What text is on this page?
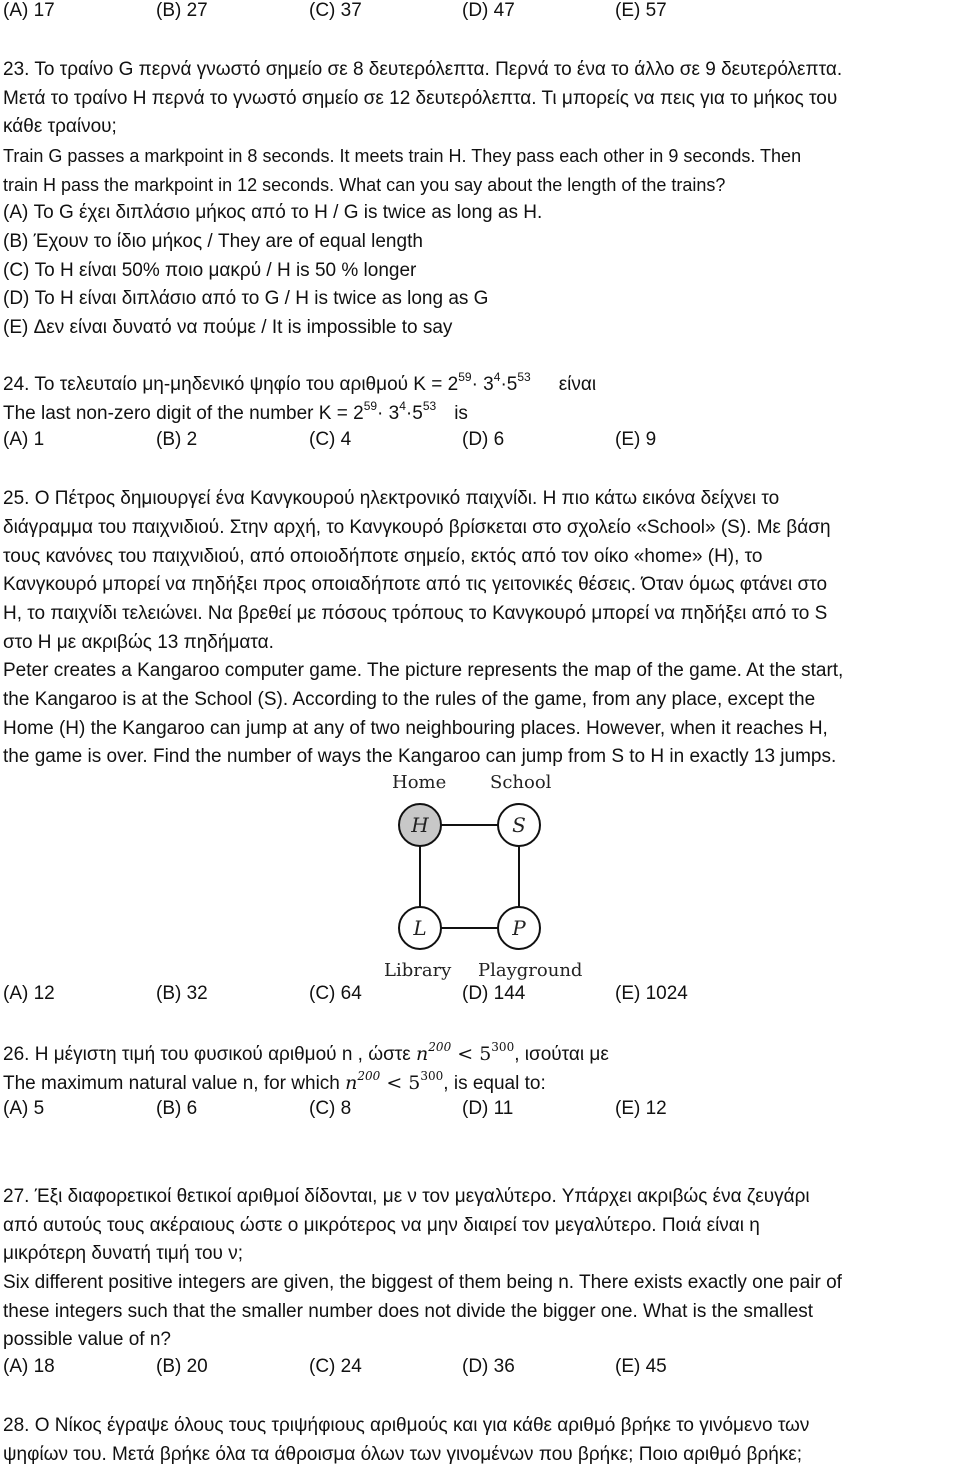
(A) 17	(B) 27	(C) 37	(D) 47	(E) 57
23. Το τραίνο G περνά γνωστό σημείο σε 8 δευτερόλεπτα. Περνά το ένα το άλλο σε 9 δευτερόλεπτα.
Μετά το τραίνο Η περνά το γνωστό σημείο σε 12 δευτερόλεπτα. Τι μπορείς να πεις για το μήκος του
κάθε τραίνου;
Train G passes a markpoint in 8 seconds. It meets train H. They pass each other in 9 seconds. Then
train H pass the markpoint in 12 seconds. What can you say about the length of the trains?
(A) Το G έχει διπλάσιο μήκος από το H / G is twice as long as H.
(B) Έχουν το ίδιο μήκος / They are of equal length
(C) Το H είναι 50% ποιο μακρύ / H is 50 % longer
(D) Το H είναι διπλάσιο από το G / H is twice as long as G
(E) Δεν είναι δυνατό να πούμε / It is impossible to say
24. Το τελευταίο μη-μηδενικό ψηφίο του αριθμού $K = 2^{59}\cdot 3^4\cdot 5^{53}$ είναι
The last non-zero digit of the number $K = 2^{59}\cdot 3^4\cdot 5^{53}$ is
(A) 1	(B) 2	(C) 4	(D) 6	(E) 9
25. Ο Πέτρος δημιουργεί ένα Κανγκουρού ηλεκτρονικό παιχνίδι. Η πιο κάτω εικόνα δείχνει το
διάγραμμα του παιχνιδιού. Στην αρχή, το Κανγκουρό βρίσκεται στο σχολείο «School» (S). Με βάση
τους κανόνες του παιχνιδιού, από οποιοδήποτε σημείο, εκτός από τον οίκο «home» (H), το
Κανγκουρό μπορεί να πηδήξει προς οποιαδήποτε από τις γειτονικές θέσεις. Όταν όμως φτάνει στο
H, το παιχνίδι τελειώνει. Να βρεθεί με πόσους τρόπους το Κανγκουρό μπορεί να πηδήξει από το S
στο H με ακριβώς 13 πηδήματα.
Peter creates a Kangaroo computer game. The picture represents the map of the game. At the start,
the Kangaroo is at the School (S). According to the rules of the game, from any place, except the
Home (H) the Kangaroo can jump at any of two neighbouring places. However, when it reaches H,
the game is over. Find the number of ways the Kangaroo can jump from S to H in exactly 13 jumps.
Home School
H	S
L	P
Library Playground
(A) 12	(B) 32	(C) 64	(D) 144	(E) 1024
26. Η μέγιστη τιμή του φυσικού αριθμού n , ώστε $n^{200} < 5^{300}$, ισούται με
The maximum natural value n, for which $n^{200} < 5^{300}$, is equal to:
(A) 5	(B) 6	(C) 8	(D) 11	(E) 12
27. Έξι διαφορετικοί θετικοί αριθμοί δίδονται, με ν τον μεγαλύτερο. Υπάρχει ακριβώς ένα ζευγάρι
από αυτούς τους ακέραιους ώστε ο μικρότερος να μην διαιρεί τον μεγαλύτερο. Ποιά είναι η
μικρότερη δυνατή τιμή του ν;
Six different positive integers are given, the biggest of them being n. There exists exactly one pair of
these integers such that the smaller number does not divide the bigger one. What is the smallest
possible value of n?
(A) 18	(B) 20	(C) 24	(D) 36	(E) 45
28. Ο Νίκος έγραψε όλους τους τριψήφιους αριθμούς και για κάθε αριθμό βρήκε το γινόμενο των
ψηφίων του. Μετά βρήκε όλα τα άθροισμα όλων των γινομένων που βρήκε; Ποιο αριθμό βρήκε;
